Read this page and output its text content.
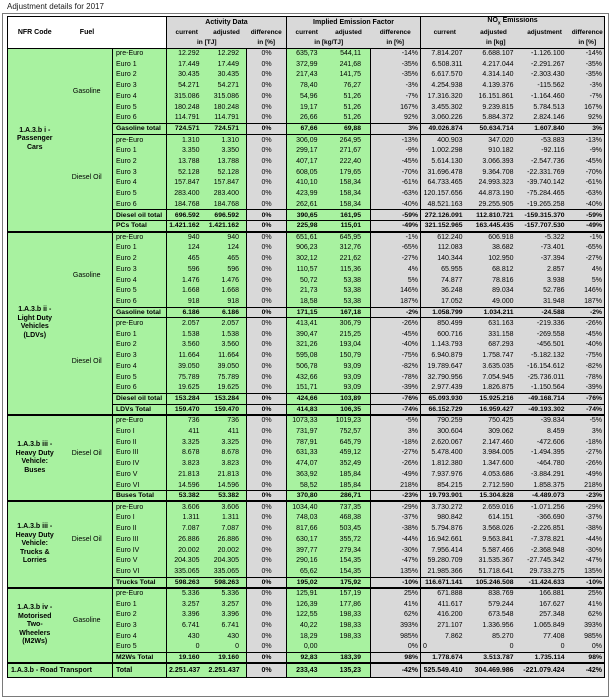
Adjustment details for 2017
NFR Code	Fuel		Activity Data			Implied Emission Factor			$NO_x$ Emissions			
			current	adjusted	difference	current	adjusted	difference	current	adjusted	adjustment	difference
			in [TJ]		in [%]	in [kg/TJ]		in [%]	in [kg]			in [%]

1.A.3.b i -
Passenger
Cars	Gasoline	pre-Euro	12.292	12.292	0%	635,73	544,11	-14%	7.814.207	6.688.107	-1.126.100	-14%
		Euro 1	17.449	17.449	0%	372,99	241,68	-35%	6.508.311	4.217.044	-2.291.267	-35%
		Euro 2	30.435	30.435	0%	217,43	141,75	-35%	6.617.570	4.314.140	-2.303.430	-35%
		Euro 3	54.271	54.271	0%	78,40	76,27	-3%	4.254.938	4.139.376	-115.562	-3%
		Euro 4	315.086	315.086	0%	54,96	51,26	-7%	17.316.320	16.151.861	-1.164.460	-7%
		Euro 5	180.248	180.248	0%	19,17	51,26	167%	3.455.302	9.239.815	5.784.513	167%
		Euro 6	114.791	114.791	0%	26,66	51,26	92%	3.060.226	5.884.372	2.824.146	92%
		Gasoline total	724.571	724.571	0%	67,66	69,88	3%	49.026.874	50.634.714	1.607.840	3%
	Diesel Oil	pre-Euro	1.310	1.310	0%	306,09	264,95	-13%	400.903	347.020	-53.883	-13%
		Euro 1	3.350	3.350	0%	299,17	271,67	-9%	1.002.298	910.182	-92.116	-9%
		Euro 2	13.788	13.788	0%	407,17	222,40	-45%	5.614.130	3.066.393	-2.547.736	-45%
		Euro 3	52.128	52.128	0%	608,05	179,65	-70%	31.696.478	9.364.708	-22.331.769	-70%
		Euro 4	157.847	157.847	0%	410,10	158,34	-61%	64.733.465	24.993.323	-39.740.142	-61%
		Euro 5	283.400	283.400	0%	423,99	158,34	-63%	120.157.656	44.873.190	-75.284.465	-63%
		Euro 6	184.768	184.768	0%	262,61	158,34	-40%	48.521.163	29.255.905	-19.265.258	-40%
		Diesel oil total	696.592	696.592	0%	390,65	161,95	-59%	272.126.091	112.810.721	-159.315.370	-59%
		PCs Total	1.421.162	1.421.162	0%	225,98	115,01	-49%	321.152.965	163.445.435	-157.707.530	-49%

1.A.3.b ii -
Light Duty
Vehicles
(LDVs)	Gasoline	pre-Euro	940	940	0%	651,61	645,95	-1%	612.240	606.918	-5.322	-1%
		Euro 1	124	124	0%	906,23	312,76	-65%	112.083	38.682	-73.401	-65%
		Euro 2	465	465	0%	302,12	221,62	-27%	140.344	102.950	-37.394	-27%
		Euro 3	596	596	0%	110,57	115,36	4%	65.955	68.812	2.857	4%
		Euro 4	1.476	1.476	0%	50,72	53,38	5%	74.877	78.816	3.938	5%
		Euro 5	1.668	1.668	0%	21,73	53,38	146%	36.248	89.034	52.786	146%
		Euro 6	918	918	0%	18,58	53,38	187%	17.052	49.000	31.948	187%
		Gasoline total	6.186	6.186	0%	171,15	167,18	-2%	1.058.799	1.034.211	-24.588	-2%
	Diesel Oil	pre-Euro	2.057	2.057	0%	413,41	306,79	-26%	850.499	631.163	-219.336	-26%
		Euro 1	1.538	1.538	0%	390,47	215,25	-45%	600.716	331.158	-269.558	-45%
		Euro 2	3.560	3.560	0%	321,26	193,04	-40%	1.143.793	687.293	-456.501	-40%
		Euro 3	11.664	11.664	0%	595,08	150,79	-75%	6.940.879	1.758.747	-5.182.132	-75%
		Euro 4	39.050	39.050	0%	506,78	93,09	-82%	19.789.647	3.635.035	-16.154.612	-82%
		Euro 5	75.789	75.789	0%	432,66	93,09	-78%	32.790.956	7.054.945	-25.736.011	-78%
		Euro 6	19.625	19.625	0%	151,71	93,09	-39%	2.977.439	1.826.875	-1.150.564	-39%
		Diesel oil total	153.284	153.284	0%	424,66	103,89	-76%	65.093.930	15.925.216	-49.168.714	-76%
		LDVs Total	159.470	159.470	0%	414,83	106,35	-74%	66.152.729	16.959.427	-49.193.302	-74%

1.A.3.b iii -
Heavy Duty
Vehicle:
Buses	Diesel Oil	pre-Euro	736	736	0%	1073,33	1019,23	-5%	790.259	750.425	-39.834	-5%
		Euro I	411	411	0%	731,97	752,57	3%	300.604	309.062	8.459	3%
		Euro II	3.325	3.325	0%	787,91	645,79	-18%	2.620.067	2.147.460	-472.606	-18%
		Euro III	8.678	8.678	0%	631,33	459,12	-27%	5.478.400	3.984.005	-1.494.395	-27%
		Euro IV	3.823	3.823	0%	474,07	352,49	-26%	1.812.380	1.347.600	-464.780	-26%
		Euro V	21.813	21.813	0%	363,92	185,84	-49%	7.937.976	4.053.686	-3.884.291	-49%
		Euro VI	14.596	14.596	0%	58,52	185,84	218%	854.215	2.712.590	1.858.375	218%
		Buses Total	53.382	53.382	0%	370,80	286,71	-23%	19.793.901	15.304.828	-4.489.073	-23%

1.A.3.b iii -
Heavy Duty
Vehicle:
Trucks &
Lorries	Diesel Oil	pre-Euro	3.606	3.606	0%	1034,40	737,35	-29%	3.730.272	2.659.016	-1.071.256	-29%
		Euro I	1.311	1.311	0%	748,03	468,38	-37%	980.842	614.151	-366.690	-37%
		Euro II	7.087	7.087	0%	817,66	503,45	-38%	5.794.876	3.568.026	-2.226.851	-38%
		Euro III	26.886	26.886	0%	630,17	355,72	-44%	16.942.661	9.563.841	-7.378.821	-44%
		Euro IV	20.002	20.002	0%	397,77	279,34	-30%	7.956.414	5.587.466	-2.368.948	-30%
		Euro V	204.305	204.305	0%	290,16	154,35	-47%	59.280.709	31.535.367	-27.745.342	-47%
		Euro VI	335.065	335.065	0%	65,62	154,35	135%	21.985.366	51.718.641	29.733.275	135%
		Trucks Total	598.263	598.263	0%	195,02	175,92	-10%	116.671.141	105.246.508	-11.424.633	-10%

1.A.3.b iv -
Motorised
Two-
Wheelers
(M2Ws)	Gasoline	pre-Euro	5.336	5.336	0%	125,91	157,19	25%	671.888	838.769	166.881	25%
		Euro 1	3.257	3.257	0%	126,39	177,86	41%	411.617	579.244	167.627	41%
		Euro 2	3.396	3.396	0%	122,55	198,33	62%	416.200	673.548	257.348	62%
		Euro 3	6.741	6.741	0%	40,22	198,33	393%	271.107	1.336.956	1.065.849	393%
		Euro 4	430	430	0%	18,29	198,33	985%	7.862	85.270	77.408	985%
		Euro 5	0	0	0%	0,00		0%	0	0	0	0%
		M2Ws Total	19.160	19.160	0%	92,83	183,39	98%	1.778.674	3.513.787	1.735.114	98%
1.A.3.b - Road Transport		Total	2.251.437	2.251.437	0%	233,43	135,23	-42%	525.549.410	304.469.986	-221.079.424	-42%
